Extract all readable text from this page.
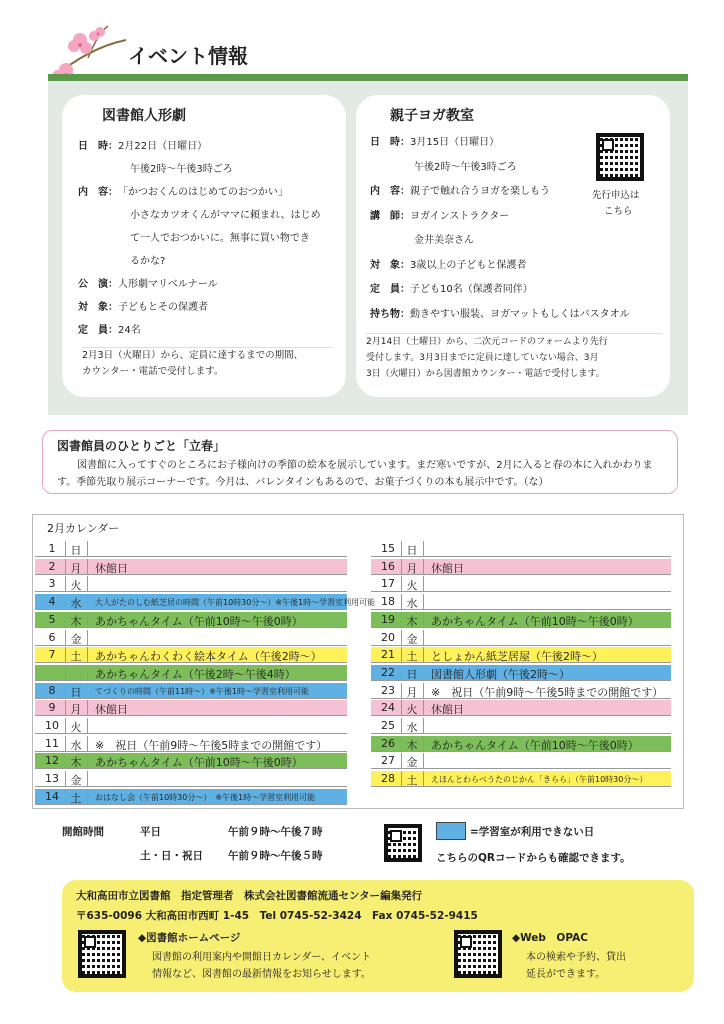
イベント情報
図書館人形劇
日　時：2月22日（日曜日）
午後2時～午後3時ごろ
内　容：「かつおくんのはじめてのおつかい」
小さなカツオくんがママに頼まれ、はじめ
て一人でおつかいに。無事に買い物でき
るかな?
公　演：人形劇マリベルナール
対　象：子どもとその保護者
定　員：24名
2月3日（火曜日）から、定員に達するまでの期間、
カウンター・電話で受付します。
親子ヨガ教室
日　時：3月15日（日曜日）
午後2時～午後3時ごろ
内　容：親子で触れ合うヨガを楽しもう
講　師：ヨガインストラクター
金井美奈さん
対　象：3歳以上の子どもと保護者
定　員：子ども10名（保護者同伴）
持ち物：動きやすい服装、ヨガマットもしくはバスタオル
先行申込は
こちら
2月14日（土曜日）から、二次元コードのフォームより先行
受付します。3月3日までに定員に達していない場合、3月
3日（火曜日）から図書館カウンター・電話で受付します。
図書館員のひとりごと「立春」
図書館に入ってすぐのところにお子様向けの季節の絵本を展示しています。まだ寒いですが、2月に入ると春の本に入れかわります。季節先取り展示コーナーです。今月は、バレンタインもあるので、お菓子づくりの本も展示中です。（な）
2月カレンダー
1	日
2	月	休館日
3	火
4	水	大人がたのしむ紙芝居の時間（午前10時30分～）※午後1時～学習室利用可能
5	木	あかちゃんタイム（午前10時～午後0時）
6	金
7	土	あかちゃんわくわく絵本タイム（午後2時～）
あかちゃんタイム（午後2時～午後4時）
8	日	てづくりの時間（午前11時～）※午後1時～学習室利用可能
9	月	休館日
10	火
11	水	※　祝日（午前9時～午後5時までの開館です）
12	木	あかちゃんタイム（午前10時～午後0時）
13	金
14	土	おはなし会（午前10時30分～）　※午後1時～学習室利用可能
15	日
16	月	休館日
17	火
18	水
19	木	あかちゃんタイム（午前10時～午後0時）
20	金
21	土	としょかん紙芝居屋（午後2時～）
22	日	図書館人形劇（午後2時～）
23	月	※　祝日（午前9時～午後5時までの開館です）
24	火	休館日
25	水
26	木	あかちゃんタイム（午前10時～午後0時）
27	金
28	土	えほんとわらべうたのじかん「きらら」（午前10時30分～）
開館時間	平日	午前９時～午後７時
土・日・祝日 午前９時～午後５時
=学習室が利用できない日
こちらのQRコードからも確認できます。
大和高田市立図書館　指定管理者　株式会社図書館流通センター編集発行
〒635-0096 大和高田市西町 1-45　Tel 0745-52-3424　Fax 0745-52-9415
◆図書館ホームページ
図書館の利用案内や開館日カレンダー、イベント
情報など、図書館の最新情報をお知らせします。
◆Web　OPAC
本の検索や予約、貸出
延長ができます。
